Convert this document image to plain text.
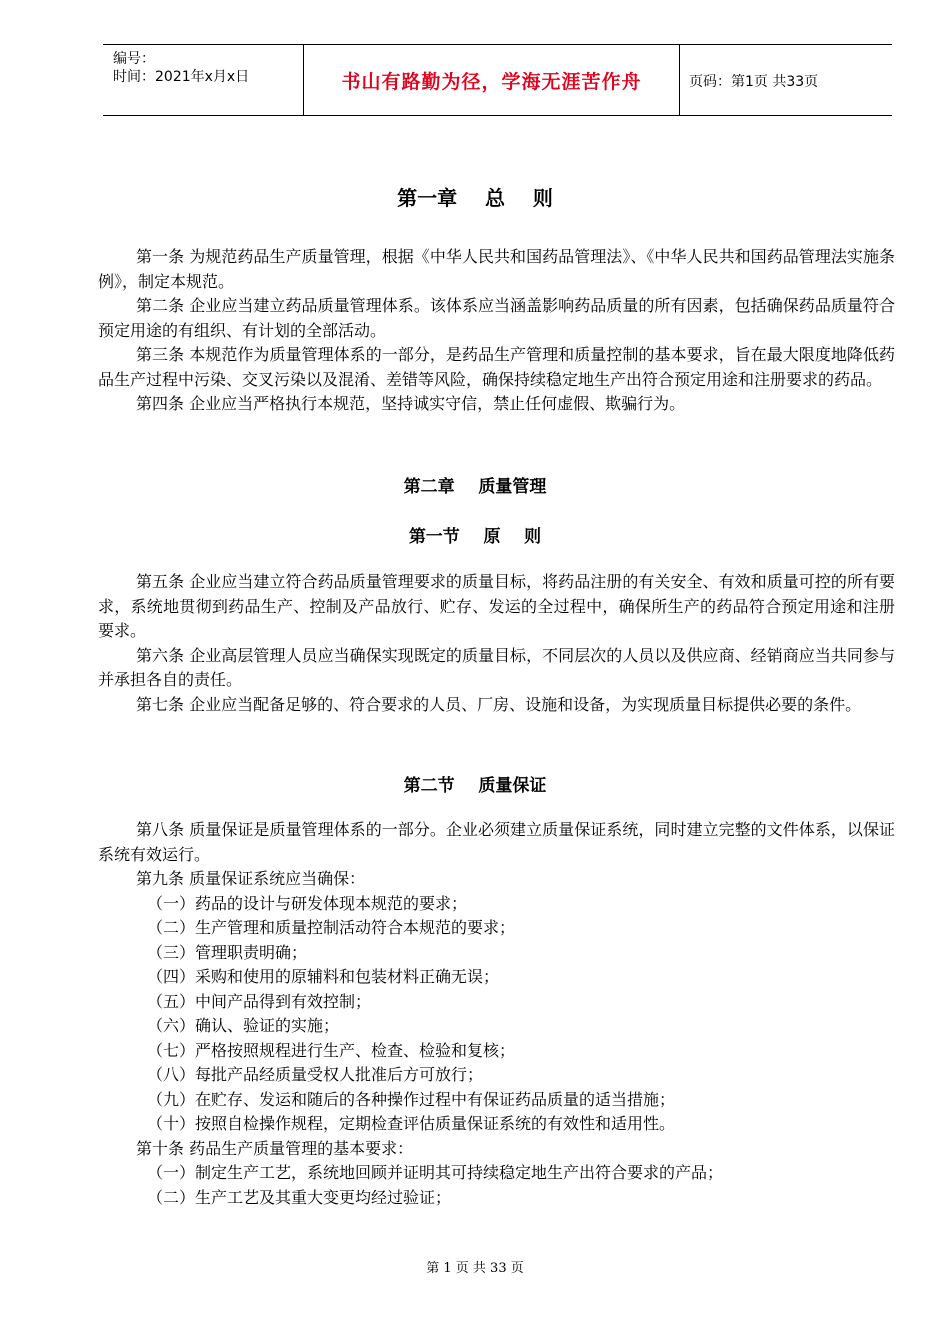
编号：
时间：2021年x月x日	书山有路勤为径，学海无涯苦作舟	页码：第1页 共33页
第一章    总    则

第一条 为规范药品生产质量管理，根据《中华人民共和国药品管理法》、《中华人民共和国药品管理法实施条例》，制定本规范。

第二条 企业应当建立药品质量管理体系。该体系应当涵盖影响药品质量的所有因素，包括确保药品质量符合预定用途的有组织、有计划的全部活动。

第三条 本规范作为质量管理体系的一部分，是药品生产管理和质量控制的基本要求，旨在最大限度地降低药品生产过程中污染、交叉污染以及混淆、差错等风险，确保持续稳定地生产出符合预定用途和注册要求的药品。

第四条 企业应当严格执行本规范，坚持诚实守信，禁止任何虚假、欺骗行为。

第二章    质量管理
第一节    原    则

第五条 企业应当建立符合药品质量管理要求的质量目标，将药品注册的有关安全、有效和质量可控的所有要求，系统地贯彻到药品生产、控制及产品放行、贮存、发运的全过程中，确保所生产的药品符合预定用途和注册要求。

第六条 企业高层管理人员应当确保实现既定的质量目标，不同层次的人员以及供应商、经销商应当共同参与并承担各自的责任。

第七条 企业应当配备足够的、符合要求的人员、厂房、设施和设备，为实现质量目标提供必要的条件。

第二节    质量保证

第八条 质量保证是质量管理体系的一部分。企业必须建立质量保证系统，同时建立完整的文件体系，以保证系统有效运行。

第九条 质量保证系统应当确保：

（一）药品的设计与研发体现本规范的要求；

（二）生产管理和质量控制活动符合本规范的要求；

（三）管理职责明确；

（四）采购和使用的原辅料和包装材料正确无误；

（五）中间产品得到有效控制；

（六）确认、验证的实施；

（七）严格按照规程进行生产、检查、检验和复核；

（八）每批产品经质量受权人批准后方可放行；

（九）在贮存、发运和随后的各种操作过程中有保证药品质量的适当措施；

（十）按照自检操作规程，定期检查评估质量保证系统的有效性和适用性。

第十条 药品生产质量管理的基本要求：

（一）制定生产工艺，系统地回顾并证明其可持续稳定地生产出符合要求的产品；

（二）生产工艺及其重大变更均经过验证；

第 1 页 共 33 页
